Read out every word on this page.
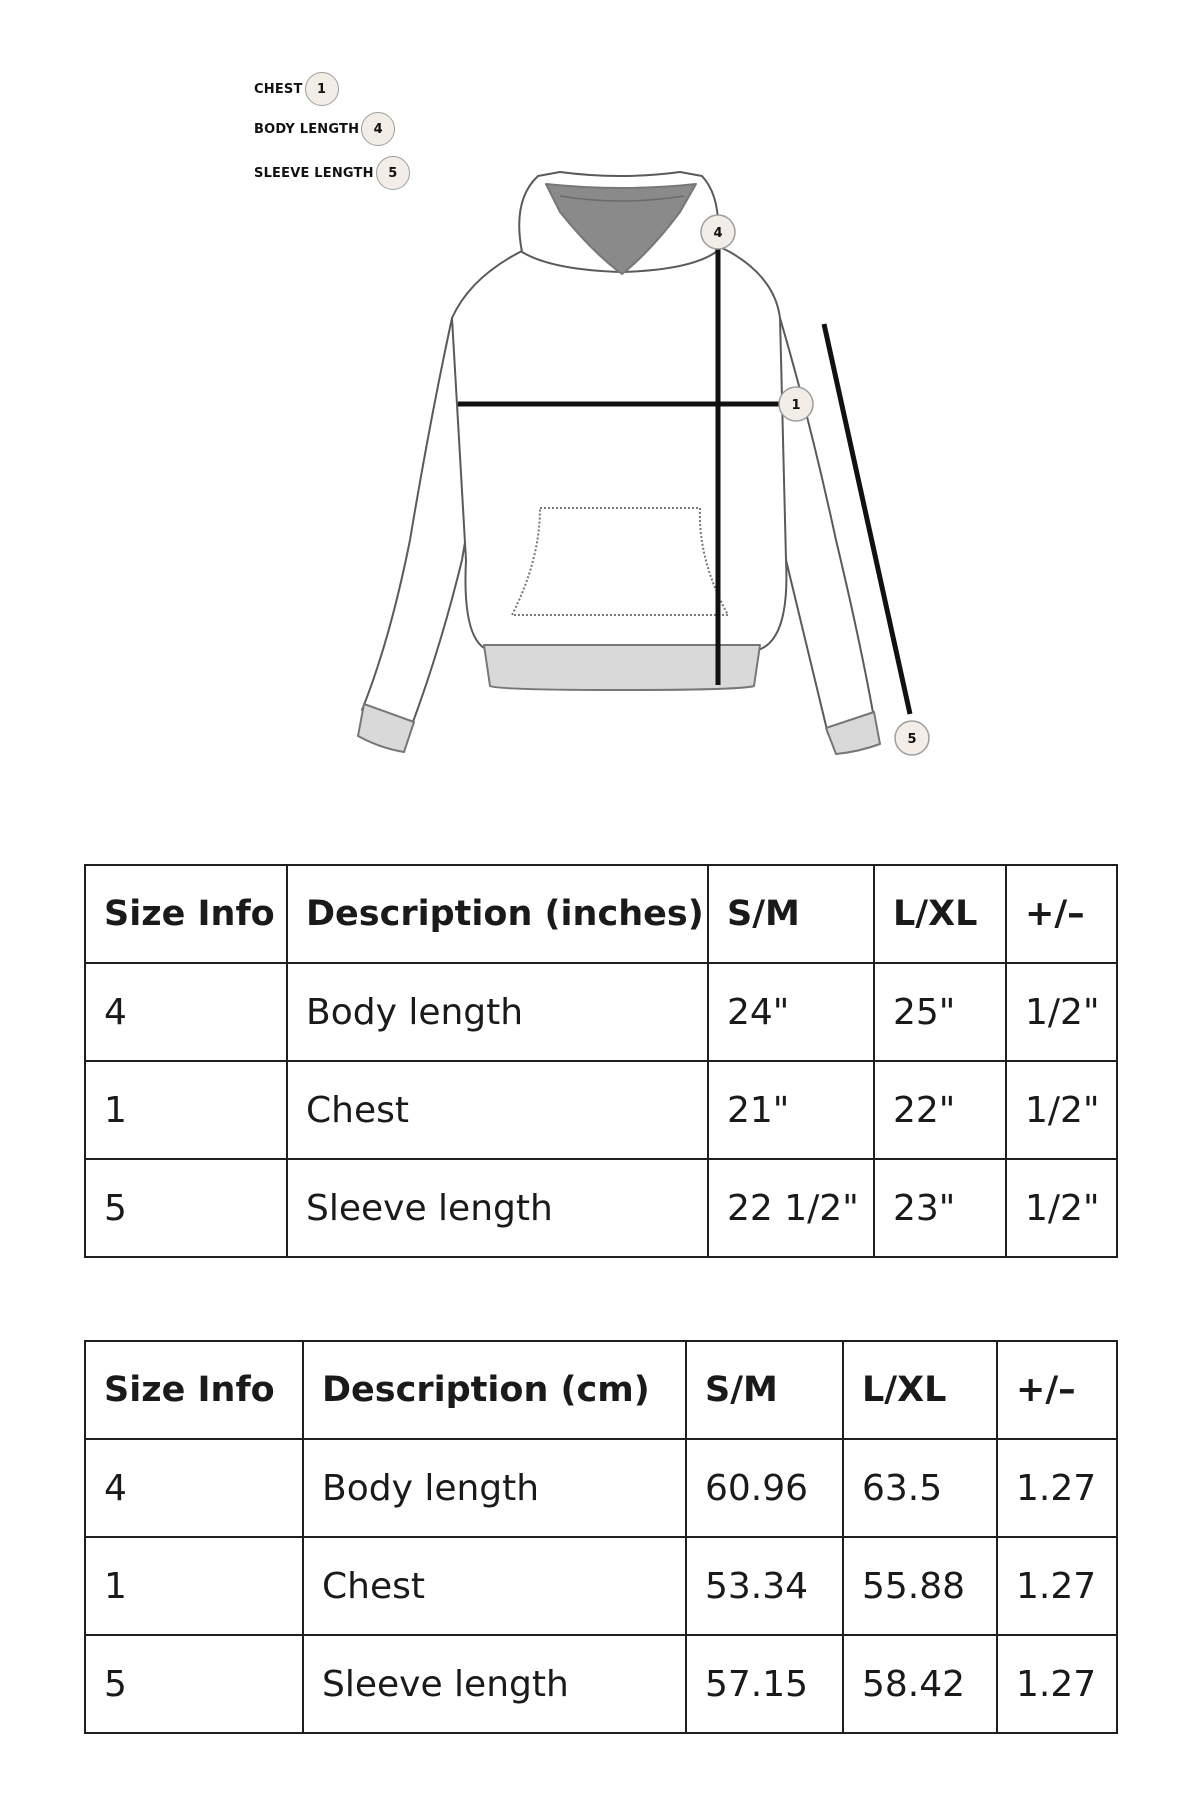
CHEST	1
BODY LENGTH	4
SLEEVE LENGTH	5
4
1
5
Size Info	Description (inches)	S/M	L/XL	+/–
4	Body length	24"	25"	1/2"
1	Chest	21"	22"	1/2"
5	Sleeve length	22 1/2"	23"	1/2"
Size Info	Description (cm)	S/M	L/XL	+/–
4	Body length	60.96	63.5	1.27
1	Chest	53.34	55.88	1.27
5	Sleeve length	57.15	58.42	1.27
